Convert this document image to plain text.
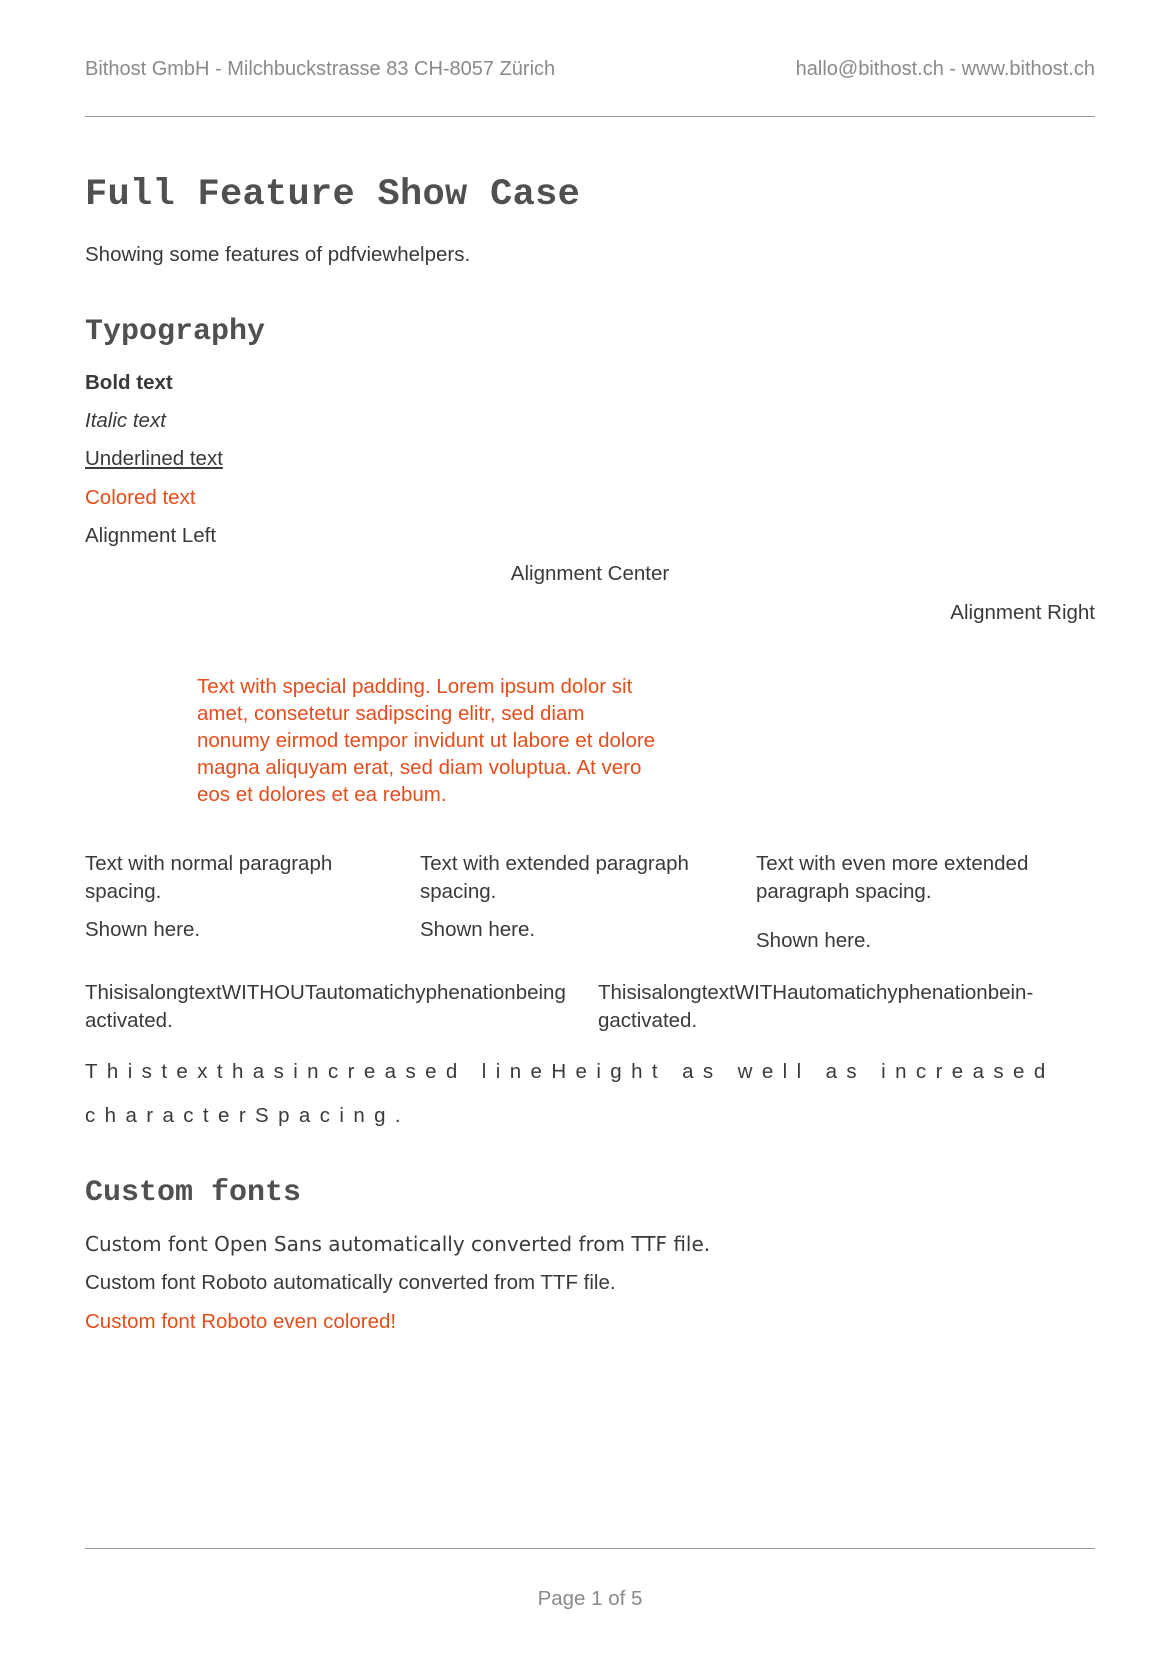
Bithost GmbH - Milchbuckstrasse 83 CH-8057 Zürich	hallo@bithost.ch - www.bithost.ch
Full Feature Show Case
Showing some features of pdfviewhelpers.
Typography
Bold text
Italic text
Underlined text
Colored text
Alignment Left
Alignment Center
Alignment Right
Text with special padding. Lorem ipsum dolor sit amet, consetetur sadipscing elitr, sed diam nonumy eirmod tempor invidunt ut labore et dolore magna aliquyam erat, sed diam voluptua. At vero eos et dolores et ea rebum.
Text with normal paragraph spacing.
Shown here.
Text with extended paragraph spacing.
Shown here.
Text with even more extended paragraph spacing.
Shown here.
ThisisalongtextWITHOUTautomatichyphenationbeingactivated.
ThisisalongtextWITHautomatichyphenationbein-gactivated.
Thistexthasincreased lineHeight as well as increased characterSpacing.
Custom fonts
Custom font Open Sans automatically converted from TTF file.
Custom font Roboto automatically converted from TTF file.
Custom font Roboto even colored!
Page 1 of 5
